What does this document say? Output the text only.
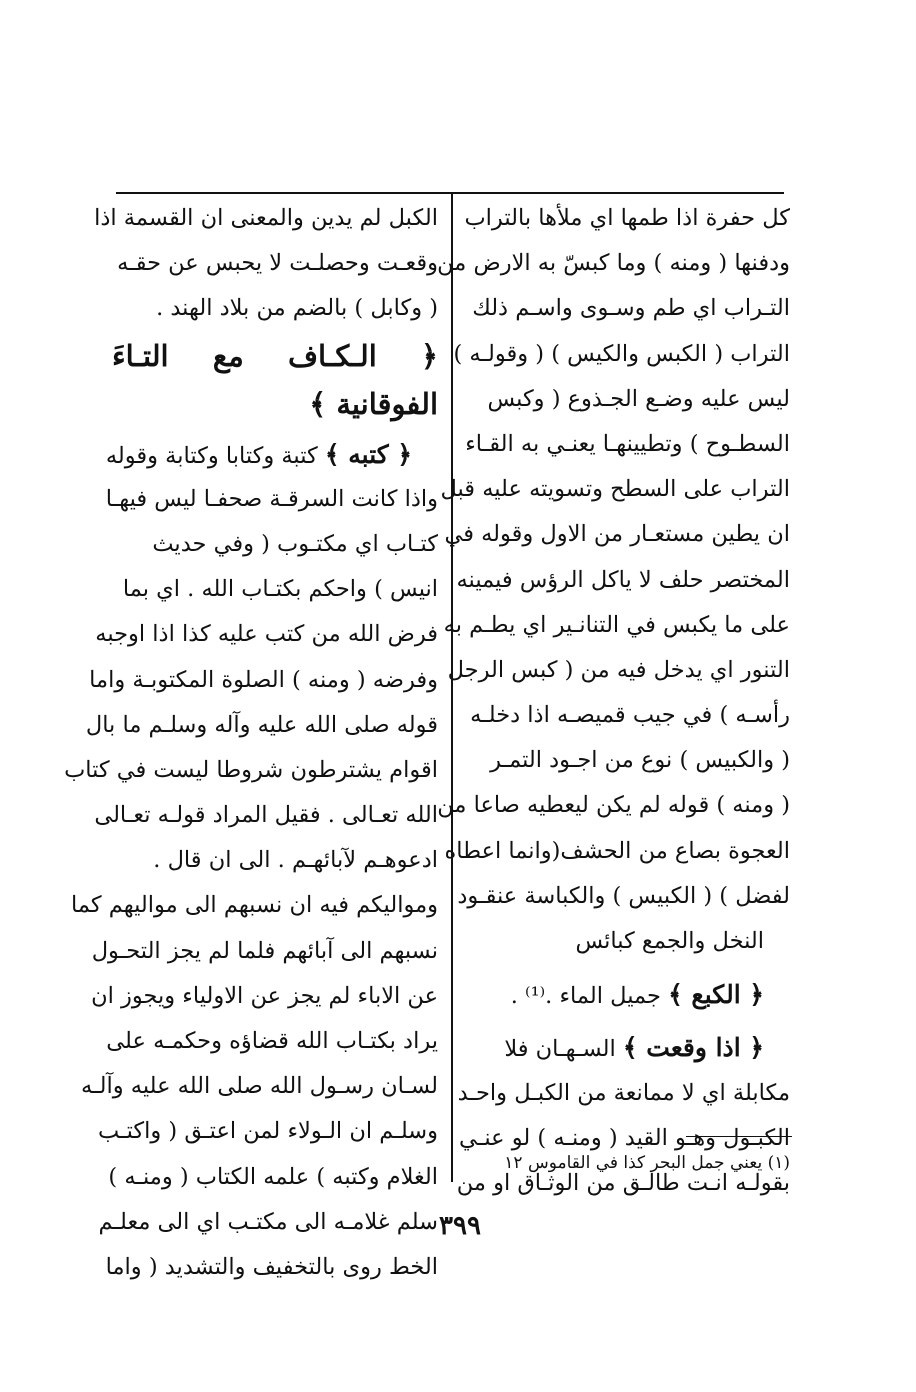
كل حفرة اذا طمها اي ملأها بالتراب
ودفنها ( ومنه ) وما كبسّ به الارض من
التـراب اي طم وسـوى واسـم ذلك
التراب ( الكبس والكيس ) ( وقولـه )
ليس عليه وضـع الجـذوع ( وكبس
السطـوح ) وتطيينهـا يعنـي به القـاء
التراب على السطح وتسويته عليه قبل
ان يطين مستعـار من الاول وقوله في
المختصر حلف لا ياكل الرؤس فيمينه
على ما يكبس في التنانـير اي يطـم به
التنور اي يدخل فيه من ( كبس الرجل
رأسـه ) في جيب قميصـه اذا دخلـه
( والكبيس ) نوع من اجـود التمـر
( ومنه ) قوله لم يكن ليعطيه صاعا من
العجوة بصاع من الحشف(وانما اعطاه
لفضل ) ( الكبيس ) والكباسة عنقـود
النخل والجمع كبائس
﴿ الكبع ﴾ جميل الماء .⁽¹⁾ .
﴿ اذا وقعت ﴾ السـهـان فلا
مكابلة اي لا ممانعة من الكبـل واحـد
الكبـول وهـو القيد ( ومنـه ) لو عنـي
بقولـه انـت طالـق من الوثـاق او من
(١) يعني جمل البحر كذا في القاموس ١٢
الكبل لم يدين والمعنى ان القسمة اذا
وقعـت وحصلـت لا يحبس عن حقـه
( وكابل ) بالضم من بلاد الهند .
﴿ الـكـاف مع التـاءَ
الفوقانية ﴾
﴿ كتبه ﴾ كتبة وكتابا وكتابة وقوله
واذا كانت السرقـة صحفـا ليس فيهـا
كتـاب اي مكتـوب ( وفي حديث
انيس ) واحكم بكتـاب الله . اي بما
فرض الله من كتب عليه كذا اذا اوجبه
وفرضه ( ومنه ) الصلوة المكتوبـة واما
قوله صلى الله عليه وآله وسلـم ما بال
اقوام يشترطون شروطا ليست في كتاب
الله تعـالى . فقيل المراد قولـه تعـالى
ادعوهـم لآبائهـم . الى ان قال .
ومواليكم فيه ان نسبهم الى مواليهم كما
نسبهم الى آبائهم فلما لم يجز التحـول
عن الاباء لم يجز عن الاولياء ويجوز ان
يراد بكتـاب الله قضاؤه وحكمـه على
لسـان رسـول الله صلى الله عليه وآلـه
وسلـم ان الـولاء لمن اعتـق ( واكتـب
الغلام وكتبه ) علمه الكتاب ( ومنـه )
سلم غلامـه الى مكتـب اي الى معلـم
الخط روى بالتخفيف والتشديد ( واما
٣٩٩
